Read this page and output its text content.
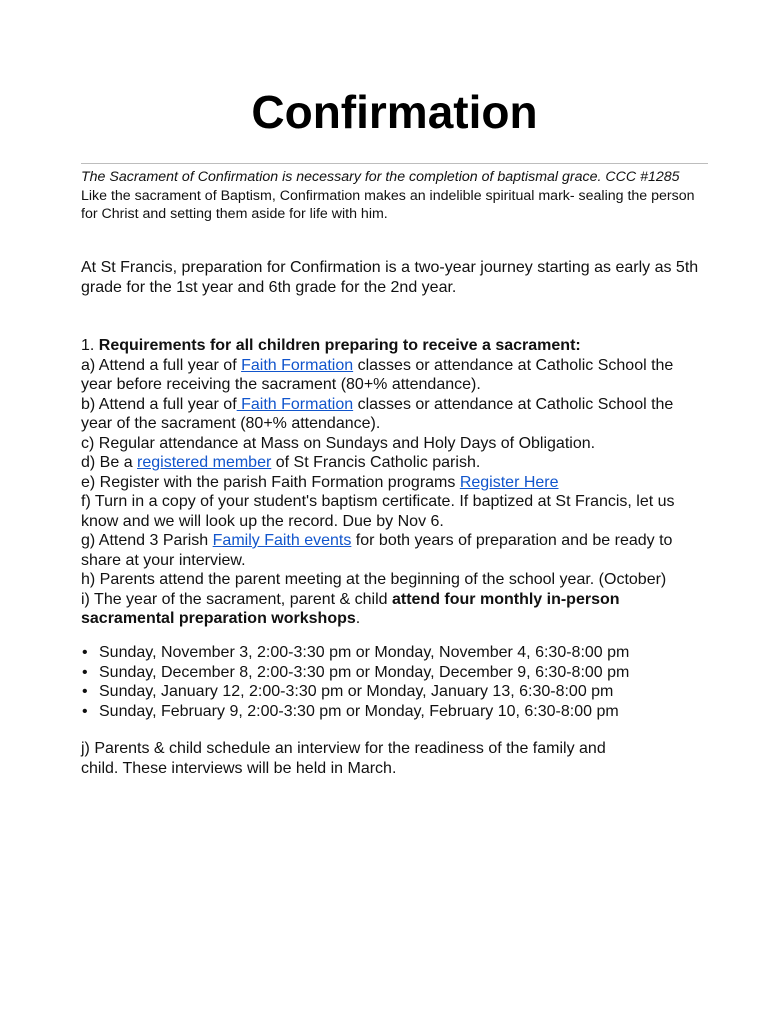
Confirmation

The Sacrament of Confirmation is necessary for the completion of baptismal grace. CCC #1285

Like the sacrament of Baptism, Confirmation makes an indelible spiritual mark- sealing the person for Christ and setting them aside for life with him.

At St Francis, preparation for Confirmation is a two-year journey starting as early as 5th grade for the 1st year and 6th grade for the 2nd year.

1. Requirements for all children preparing to receive a sacrament:

a) Attend a full year of Faith Formation classes or attendance at Catholic School the year before receiving the sacrament (80+% attendance).

b) Attend a full year of Faith Formation classes or attendance at Catholic School the year of the sacrament (80+% attendance).

c) Regular attendance at Mass on Sundays and Holy Days of Obligation.

d) Be a registered member of St Francis Catholic parish.

e) Register with the parish Faith Formation programs Register Here

f) Turn in a copy of your student's baptism certificate. If baptized at St Francis, let us know and we will look up the record. Due by Nov 6.

g) Attend 3 Parish Family Faith events for both years of preparation and be ready to share at your interview.

h) Parents attend the parent meeting at the beginning of the school year. (October)

i) The year of the sacrament, parent & child attend four monthly in-person sacramental preparation workshops.

• Sunday, November 3, 2:00-3:30 pm or Monday, November 4, 6:30-8:00 pm
• Sunday, December 8, 2:00-3:30 pm or Monday, December 9, 6:30-8:00 pm
• Sunday, January 12, 2:00-3:30 pm or Monday, January 13, 6:30-8:00 pm
• Sunday, February 9, 2:00-3:30 pm or Monday, February 10, 6:30-8:00 pm

j) Parents & child schedule an interview for the readiness of the family and child. These interviews will be held in March.
